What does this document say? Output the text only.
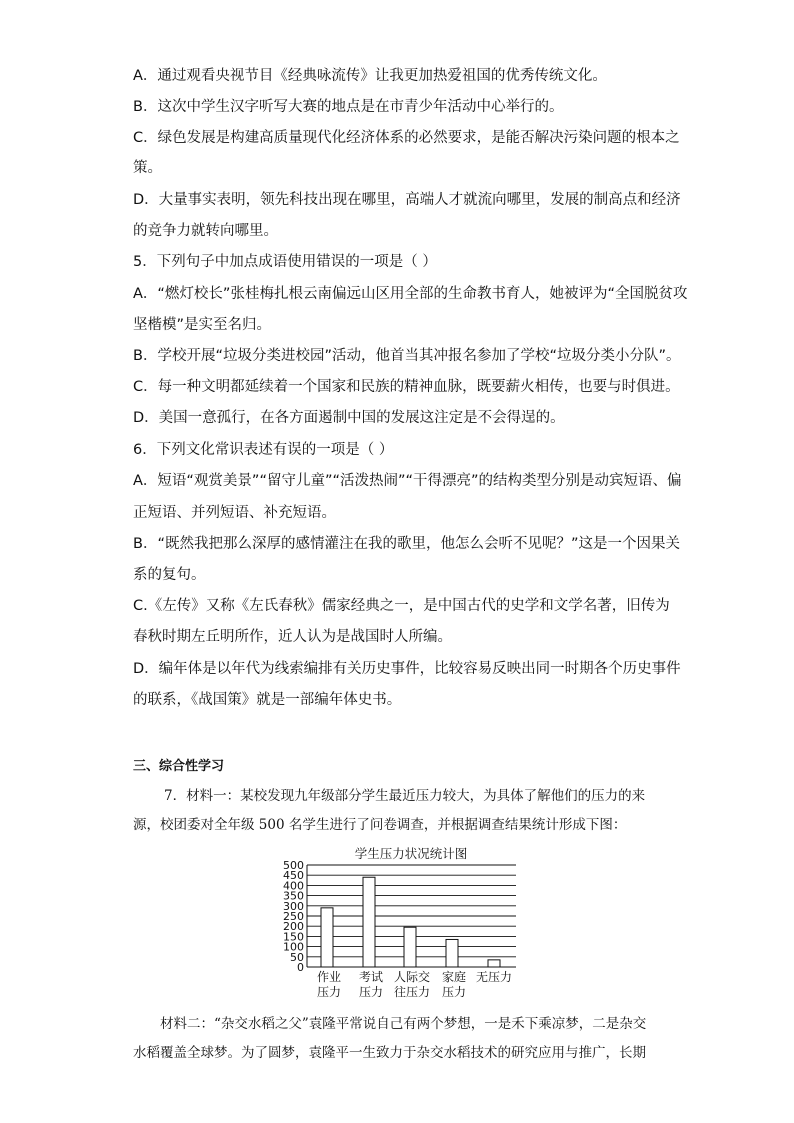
A．通过观看央视节目《经典咏流传》让我更加热爱祖国的优秀传统文化。
B．这次中学生汉字听写大赛的地点是在市青少年活动中心举行的。
C．绿色发展是构建高质量现代化经济体系的必然要求，是能否解决污染问题的根本之
策。
D．大量事实表明，领先科技出现在哪里，高端人才就流向哪里，发展的制高点和经济
的竞争力就转向哪里。
5．下列句子中加点成语使用错误的一项是（ ）
A．“燃灯校长”张桂梅扎根云南偏远山区用全部的生命教书育人，她被评为“全国脱贫攻
坚楷模”是实至名归。
B．学校开展“垃圾分类进校园”活动，他首当其冲报名参加了学校“垃圾分类小分队”。
C．每一种文明都延续着一个国家和民族的精神血脉，既要薪火相传，也要与时俱进。
D．美国一意孤行，在各方面遏制中国的发展这注定是不会得逞的。
6．下列文化常识表述有误的一项是（ ）
A．短语“观赏美景”“留守儿童”“活泼热闹”“干得漂亮”的结构类型分别是动宾短语、偏
正短语、并列短语、补充短语。
B．“既然我把那么深厚的感情灌注在我的歌里，他怎么会听不见呢？”这是一个因果关
系的复句。
C.《左传》又称《左氏春秋》儒家经典之一，是中国古代的史学和文学名著，旧传为
春秋时期左丘明所作，近人认为是战国时人所编。
D．编年体是以年代为线索编排有关历史事件，比较容易反映出同一时期各个历史事件
的联系，《战国策》就是一部编年体史书。
三、综合性学习
7．材料一：某校发现九年级部分学生最近压力较大，为具体了解他们的压力的来
源，校团委对全年级 500 名学生进行了问卷调查，并根据调查结果统计形成下图：
0
50
100
150
200
250
300
350
400
450
500
作业
压力
考试
压力
人际交
往压力
家庭
压力
无压力
学生压力状况统计图
材料二：“杂交水稻之父”袁隆平常说自己有两个梦想，一是禾下乘凉梦，二是杂交
水稻覆盖全球梦。为了圆梦，袁隆平一生致力于杂交水稻技术的研究应用与推广，长期
